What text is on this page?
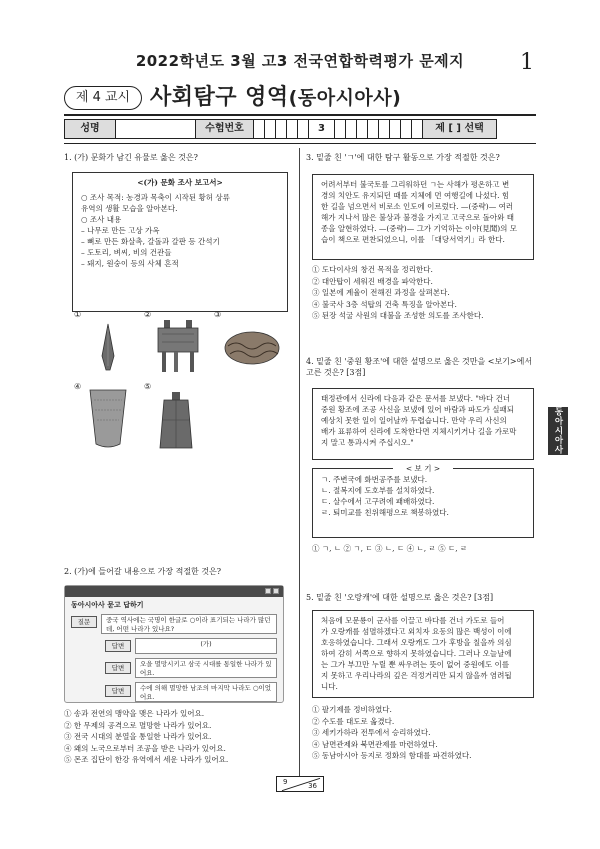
2022학년도 3월 고3 전국연합학력평가 문제지	1
제 4 교시 사회탐구 영역(동아시아사)
성명	수험번호	3	제 [ ] 선택
1. (가) 문화가 남긴 유물로 옳은 것은?
<(가) 문화 조사 보고서>
○ 조사 목적: 농경과 목축이 시작된 황허 상류
유역의 생활 모습을 알아본다.
○ 조사 내용
– 나무로 만든 고상 가옥
– 뼈로 만든 화살촉, 갈돌과 갈판 등 간석기
– 도토리, 벼씨, 비의 건관들
– 돼지, 원숭이 등의 사체 흔적
①	②	③
④	⑤
2. (가)에 들어갈 내용으로 가장 적절한 것은?
동아시아사 묻고 답하기
질문	중국 역사에는 국명이 한글로 ○이라 표기되는 나라가 많던데, 어떤 나라가 있나요?
답변	(가)
답변	오을 멸망시키고 삼국 시대를 통일한 나라가 있어요.
답변	수에 의해 멸망한 남조의 마지막 나라도 ○이었어요.
① 송과 전연의 맹약을 맺은 나라가 있어요.
② 한 무제의 공격으로 멸망한 나라가 있어요.
③ 전국 시대의 분열을 통일한 나라가 있어요.
④ 왜의 노국으로부터 조공을 받은 나라가 있어요.
⑤ 몬조 집단이 한강 유역에서 세운 나라가 있어요.
3. 밑줄 친 'ㄱ'에 대한 탐구 활동으로 가장 적절한 것은?
어려서부터 불국토를 그리워하던 ㄱ는 사해가 평온하고 변
경의 치안도 유지되던 때를 지체에 먼 여행길에 나섰다. 힘
한 길을 넘으면서 비로소 인도에 이르렀다. —(중략)— 여러
해가 지나서 많은 불상과 불경을 가지고 고국으로 돌아와 태
종을 알현하였다. —(중략)— 그가 기억하는 이야(見聞)의 모
습이 책으로 편찬되었으니, 이를 「대당서역기」라 한다.
① 도다이사의 창건 목적을 정리한다.
② 대안탑이 세워진 배경을 파악한다.
③ 일본에 계율이 전해진 과정을 살펴본다.
④ 불국사 3층 석탑의 건축 특징을 알아본다.
⑤ 된장 석굴 사원의 대불을 조성한 의도를 조사한다.
4. 밑줄 친 '중원 황조'에 대한 설명으로 옳은 것만을 <보기>에서 고른 것은? [3점]
태정관에서 신라에 다음과 같은 문서를 보냈다. "바다 건너
중원 황조에 조공 사신을 보냈에 있어 바람과 파도가 실패되
예상치 못한 일이 일어날까 두렵습니다. 만약 우리 사신의
배가 표류하여 신라에 도착한다면 지체시키거나 길을 가로막
지 말고 통과시켜 주십시오."
< 보 기 >
ㄱ. 주변국에 화번공주를 보냈다.
ㄴ. 절복지에 도호부를 설치하였다.
ㄷ. 살수에서 고구려에 패배하였다.
ㄹ. 퇴미교를 친위해평으로 책봉하였다.
① ㄱ, ㄴ ② ㄱ, ㄷ ③ ㄴ, ㄷ ④ ㄴ, ㄹ ⑤ ㄷ, ㄹ
5. 밑줄 친 '오랑캐'에 대한 설명으로 옳은 것은? [3점]
처음에 모문룡이 군사를 이끌고 바다를 건너 가도로 들어
가 오랑캐를 섬멸하겠다고 외치자 요동의 많은 백성이 이에
호응하였습니다. 그래서 오랑캐도 그가 후방을 칠을까 의심
하여 감히 서쪽으로 향하지 못하였습니다. 그러나 오늘날에
는 그가 부끄만 누릴 뿐 싸우려는 뜻이 없어 중원에도 이를
지 못하고 우리나라의 깊은 걱정거리만 되지 않을까 염려됩
니다.
① 팔기제를 정비하였다.
② 수도를 대도로 옮겼다.
③ 세키가하라 전투에서 승리하였다.
④ 남면관제와 북면관제를 마련하였다.
⑤ 동남아시아 등지로 정화의 함대를 파견하였다.
동아시아사
9	36
